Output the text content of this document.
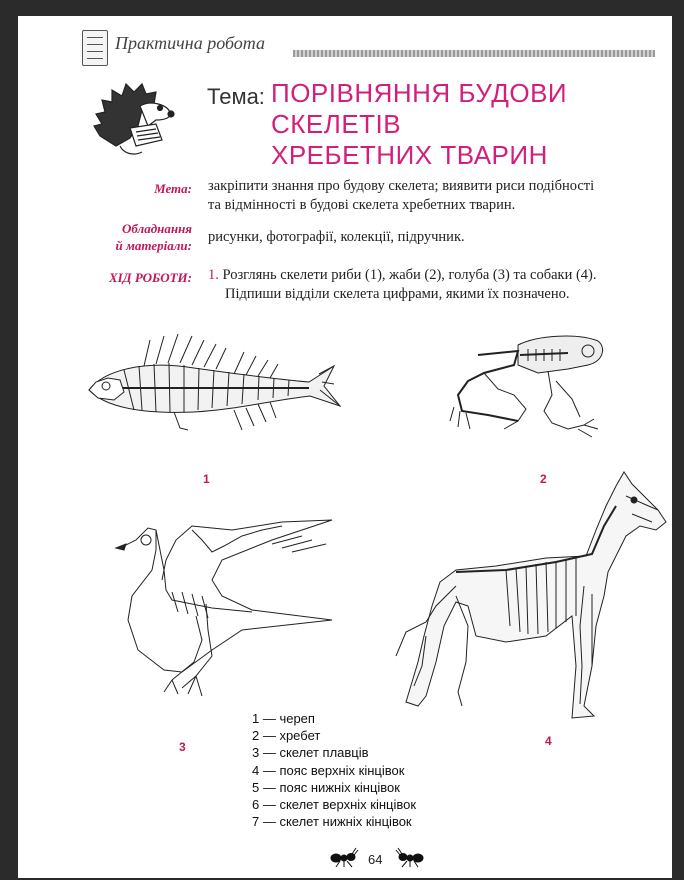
Практична робота
Тема: ПОРІВНЯННЯ БУДОВИ
СКЕЛЕТІВ
ХРЕБЕТНИХ ТВАРИН
Мета: закріпити знання про будову скелета; виявити риси подібності
та відмінності в будові скелета хребетних тварин.
Обладнання
й матеріали:
рисунки, фотографії, колекції, підручник.
ХІД РОБОТИ: 1. Розглянь скелети риби (1), жаби (2), голуба (3) та собаки (4).
Підпиши відділи скелета цифрами, якими їх позначено.
1	2
3	4
1 — череп
2 — хребет
3 — скелет плавців
4 — пояс верхніх кінцівок
5 — пояс нижніх кінцівок
6 — скелет верхніх кінцівок
7 — скелет нижніх кінцівок
64
